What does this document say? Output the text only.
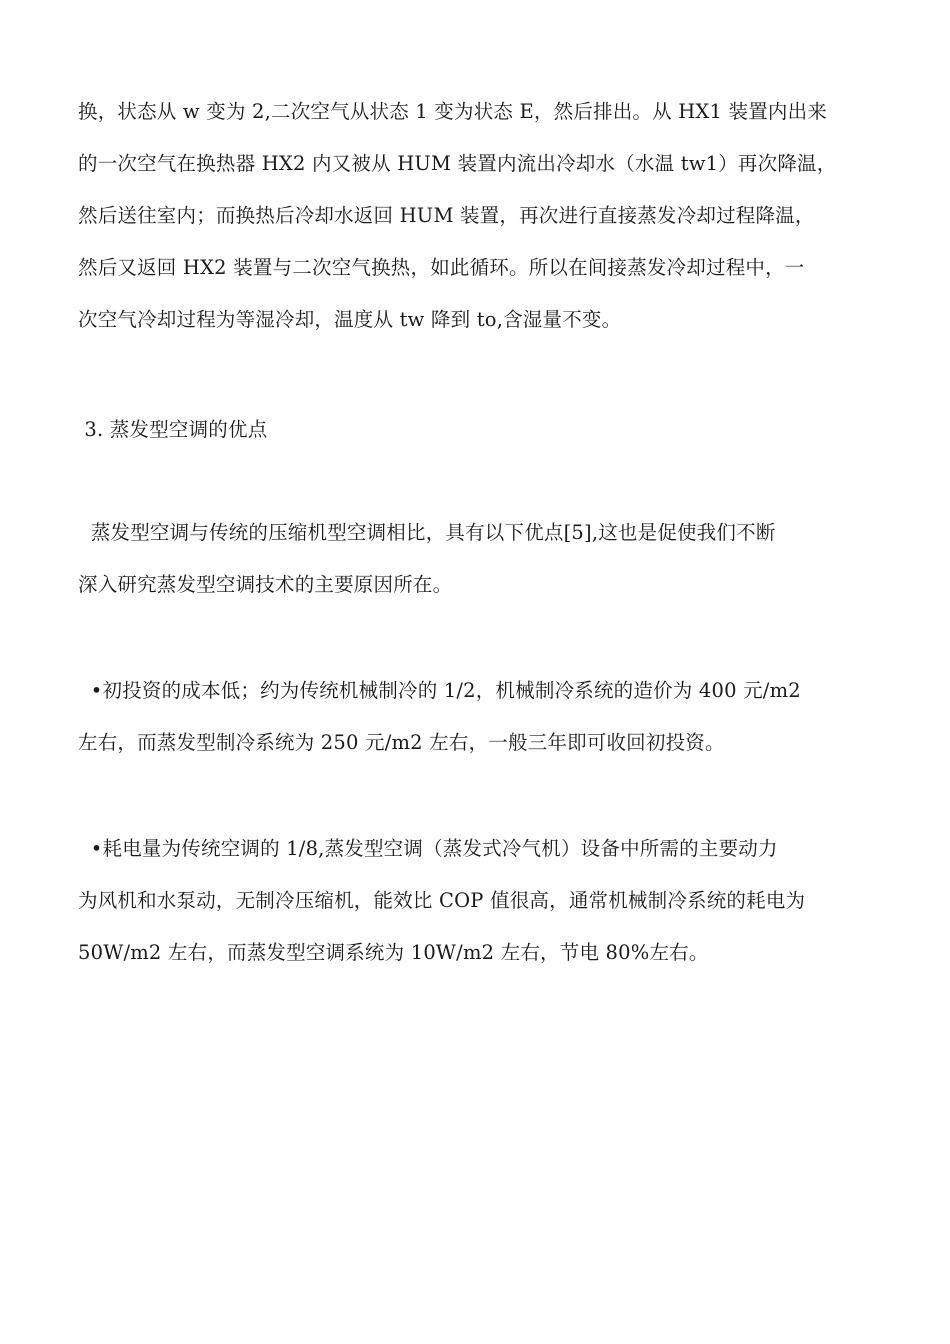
换，状态从 w 变为 2,二次空气从状态 1 变为状态 E，然后排出。从 HX1 装置内出来
的一次空气在换热器 HX2 内又被从 HUM 装置内流出冷却水（水温 tw1）再次降温，
然后送往室内；而换热后冷却水返回 HUM 装置，再次进行直接蒸发冷却过程降温，
然后又返回 HX2 装置与二次空气换热，如此循环。所以在间接蒸发冷却过程中，一
次空气冷却过程为等湿冷却，温度从 tw 降到 to,含湿量不变。

3. 蒸发型空调的优点

蒸发型空调与传统的压缩机型空调相比，具有以下优点[5],这也是促使我们不断
深入研究蒸发型空调技术的主要原因所在。

•初投资的成本低；约为传统机械制冷的 1/2，机械制冷系统的造价为 400 元/m2
左右，而蒸发型制冷系统为 250 元/m2 左右，一般三年即可收回初投资。

•耗电量为传统空调的 1/8,蒸发型空调（蒸发式冷气机）设备中所需的主要动力
为风机和水泵动，无制冷压缩机，能效比 COP 值很高，通常机械制冷系统的耗电为
50W/m2 左右，而蒸发型空调系统为 10W/m2 左右，节电 80%左右。
